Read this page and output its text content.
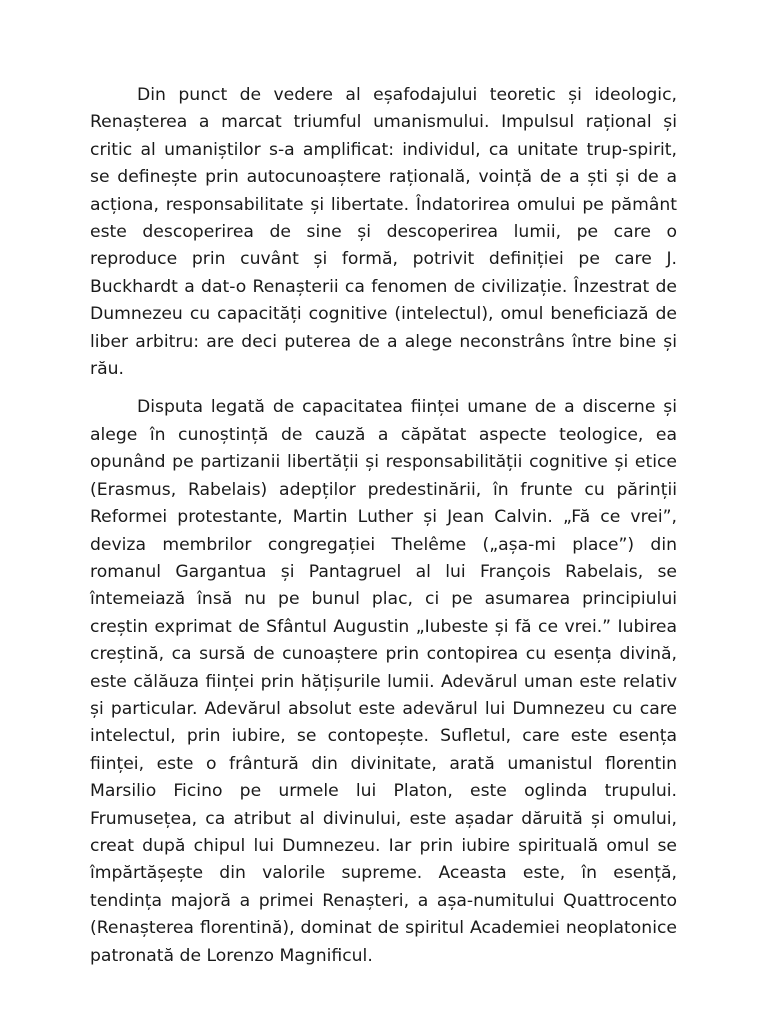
Din punct de vedere al eșafodajului teoretic și ideologic, Renașterea a marcat triumful umanismului. Impulsul rațional și critic al umaniștilor s-a amplificat: individul, ca unitate trup-spirit, se definește prin autocunoaștere rațională, voință de a ști și de a acționa, responsabilitate și libertate. Îndatorirea omului pe pământ este descoperirea de sine și descoperirea lumii, pe care o reproduce prin cuvânt și formă, potrivit definiției pe care J. Buckhardt a dat-o Renașterii ca fenomen de civilizație. Înzestrat de Dumnezeu cu capacități cognitive (intelectul), omul beneficiază de liber arbitru: are deci puterea de a alege neconstrâns între bine și rău.

Disputa legată de capacitatea ființei umane de a discerne și alege în cunoștință de cauză a căpătat aspecte teologice, ea opunând pe partizanii libertății și responsabilității cognitive și etice (Erasmus, Rabelais) adepților predestinării, în frunte cu părinții Reformei protestante, Martin Luther și Jean Calvin. „Fă ce vrei”, deviza membrilor congregației Thelême („așa-mi place”) din romanul Gargantua și Pantagruel al lui François Rabelais, se întemeiază însă nu pe bunul plac, ci pe asumarea principiului creștin exprimat de Sfântul Augustin „Iubeste și fă ce vrei.” Iubirea creștină, ca sursă de cunoaștere prin contopirea cu esența divină, este călăuza ființei prin hățișurile lumii. Adevărul uman este relativ și particular. Adevărul absolut este adevărul lui Dumnezeu cu care intelectul, prin iubire, se contopește. Sufletul, care este esența ființei, este o frântură din divinitate, arată umanistul florentin Marsilio Ficino pe urmele lui Platon, este oglinda trupului. Frumusețea, ca atribut al divinului, este așadar dăruită și omului, creat după chipul lui Dumnezeu. Iar prin iubire spirituală omul se împărtășește din valorile supreme. Aceasta este, în esență, tendința majoră a primei Renașteri, a așa-numitului Quattrocento (Renașterea florentină), dominat de spiritul Academiei neoplatonice patronată de Lorenzo Magnificul.
